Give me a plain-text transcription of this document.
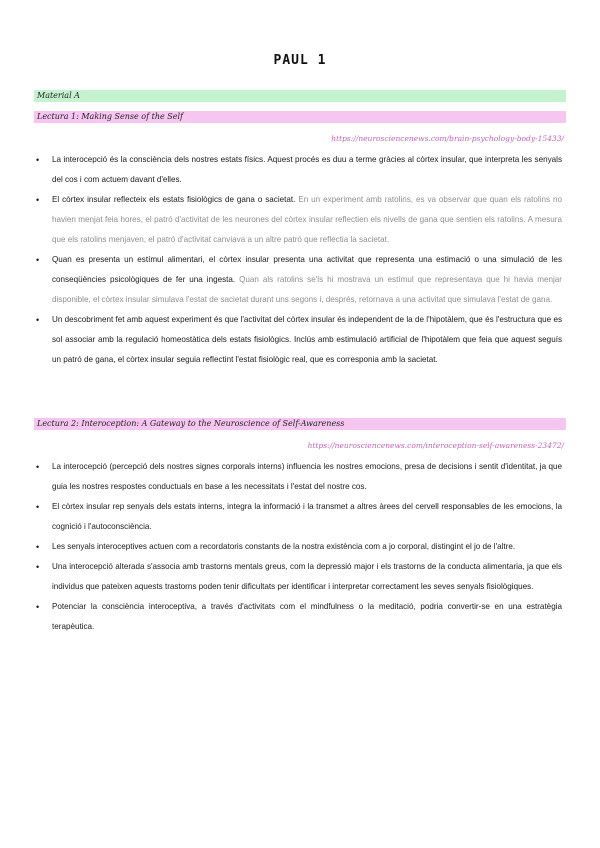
PAUL 1
Material A
Lectura 1: Making Sense of the Self
https://neurosciencenews.com/brain-psychology-body-15433/
• La interocepció és la consciència dels nostres estats físics. Aquest procés es duu a terme gràcies al còrtex insular, que interpreta les senyals del cos i com actuem davant d'elles.
• El còrtex insular reflecteix els estats fisiològics de gana o sacietat. En un experiment amb ratolins, es va observar que quan els ratolins no havien menjat feia hores, el patró d'activitat de les neurones del còrtex insular reflectien els nivells de gana que sentien els ratolins. A mesura que els ratolins menjaven, el patró d'activitat canviava a un altre patró que reflectia la sacietat.
• Quan es presenta un estímul alimentari, el còrtex insular presenta una activitat que representa una estimació o una simulació de les conseqüències psicològiques de fer una ingesta. Quan als ratolins se'ls hi mostrava un estímul que representava que hi havia menjar disponible, el còrtex insular simulava l'estat de sacietat durant uns segons i, després, retornava a una activitat que simulava l'estat de gana.
• Un descobriment fet amb aquest experiment és que l'activitat del còrtex insular és independent de la de l'hipotàlem, que és l'estructura que es sol associar amb la regulació homeostàtica dels estats fisiològics. Inclús amb estimulació artificial de l'hipotàlem que feia que aquest seguís un patró de gana, el còrtex insular seguia reflectint l'estat fisiològic real, que es corresponia amb la sacietat.
Lectura 2: Interoception: A Gateway to the Neuroscience of Self-Awareness
https://neurosciencenews.com/interoception-self-awareness-23472/
• La interocepció (percepció dels nostres signes corporals interns) influencia les nostres emocions, presa de decisions i sentit d'identitat, ja que guia les nostres respostes conductuals en base a les necessitats i l'estat del nostre cos.
• El còrtex insular rep senyals dels estats interns, integra la informació i la transmet a altres àrees del cervell responsables de les emocions, la cognició i l'autoconsciència.
• Les senyals interoceptives actuen com a recordatoris constants de la nostra existència com a jo corporal, distingint el jo de l'altre.
• Una interocepció alterada s'associa amb trastorns mentals greus, com la depressió major i els trastorns de la conducta alimentaria, ja que els individus que pateixen aquests trastorns poden tenir dificultats per identificar i interpretar correctament les seves senyals fisiològiques.
• Potenciar la consciència interoceptiva, a través d'activitats com el mindfulness o la meditació, podria convertir-se en una estratègia terapèutica.
